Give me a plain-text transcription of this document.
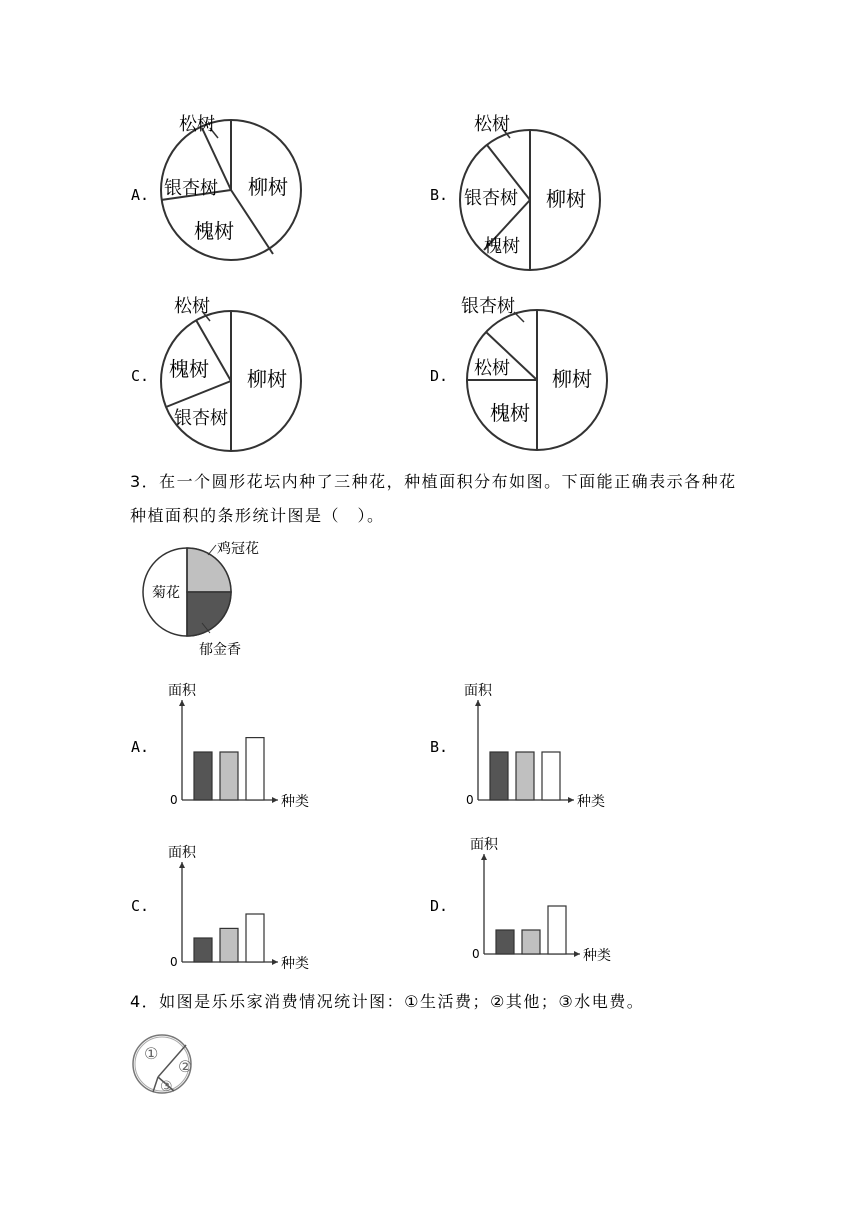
A.
松树
银杏树 柳树
槐树
B.
松树
银杏树 柳树
槐树
C.
松树
槐树 柳树
银杏树
D.
银杏树
松树 柳树
槐树
3．在一个圆形花坛内种了三种花，种植面积分布如图。下面能正确表示各种花
种植面积的条形统计图是（　）。
菊花
鸡冠花
郁金香
A.
面积
种类
0
B.
面积
种类
0
C.
面积
种类
0
D.
面积
种类
0
4．如图是乐乐家消费情况统计图：①生活费；②其他；③水电费。
①
②
③
